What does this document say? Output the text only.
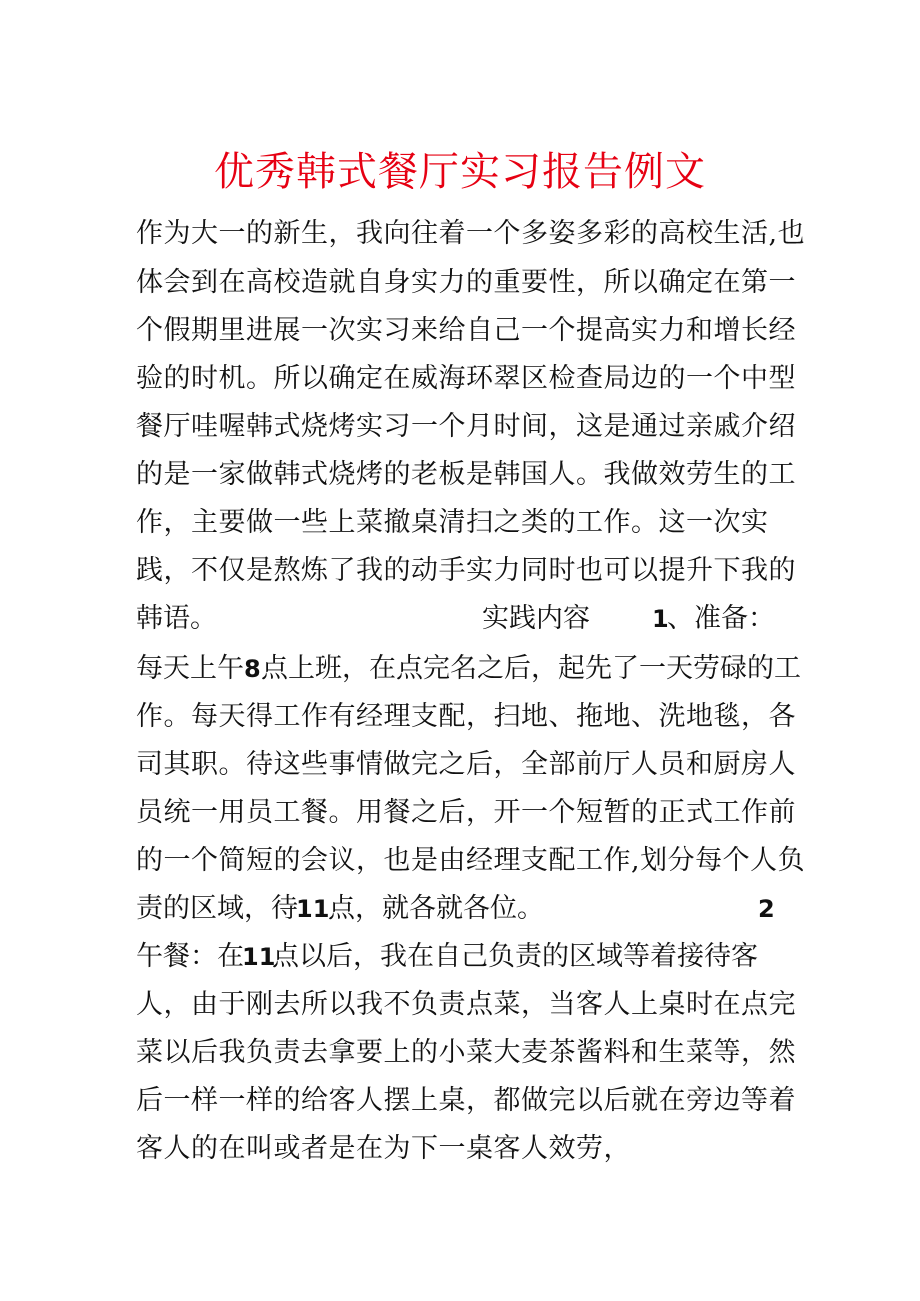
优秀韩式餐厅实习报告例文
作为大一的新生，我向往着一个多姿多彩的高校生活,也
体会到在高校造就自身实力的重要性，所以确定在第一
个假期里进展一次实习来给自己一个提高实力和增长经
验的时机。所以确定在威海环翠区检查局边的一个中型
餐厅哇喔韩式烧烤实习一个月时间，这是通过亲戚介绍
的是一家做韩式烧烤的老板是韩国人。我做效劳生的工
作，主要做一些上菜撤桌清扫之类的工作。这一次实
践，不仅是熬炼了我的动手实力同时也可以提升下我的
韩语。	实践内容	1
、准备：
每天上午 8 点上班，在点完名之后，起先了一天劳碌的工
作。每天得工作有经理支配，扫地、拖地、洗地毯，各
司其职。待这些事情做完之后，全部前厅人员和厨房人
员统一用员工餐。用餐之后，开一个短暂的正式工作前
的一个简短的会议，也是由经理支配工作,划分每个人负
责的区域，待
11
点，就各就各位。	2
午餐：在
11
点以后，我在自己负责的区域等着接待客
人，由于刚去所以我不负责点菜，当客人上桌时在点完
菜以后我负责去拿要上的小菜大麦茶酱料和生菜等，然
后一样一样的给客人摆上桌，都做完以后就在旁边等着
客人的在叫或者是在为下一桌客人效劳，
